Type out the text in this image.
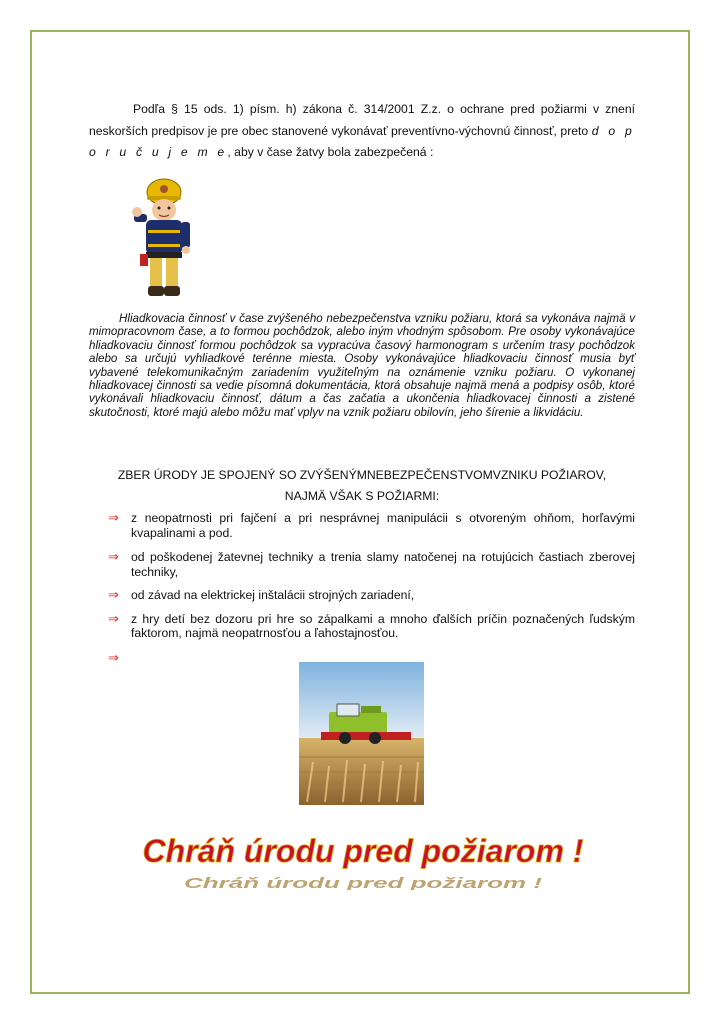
Podľa § 15 ods. 1) písm. h) zákona č. 314/2001 Z.z. o ochrane pred požiarmi v znení neskorších predpisov je pre obec stanovené vykonávať preventívno-výchovnú činnosť, preto d o p o r u č u j e m e, aby v čase žatvy bola zabezpečená :

Hliadkovacia činnosť v čase zvýšeného nebezpečenstva vzniku požiaru, ktorá sa vykonáva najmä v mimopracovnom čase, a to formou pochôdzok, alebo iným vhodným spôsobom. Pre osoby vykonávajúce hliadkovaciu činnosť formou pochôdzok sa vypracúva časový harmonogram s určením trasy pochôdzok alebo sa určujú vyhliadkové terénne miesta. Osoby vykonávajúce hliadkovaciu činnosť musia byť vybavené telekomunikačným zariadením využiteľným na oznámenie vzniku požiaru. O vykonanej hliadkovacej činnosti sa vedie písomná dokumentácia, ktorá obsahuje najmä mená a podpisy osôb, ktoré vykonávali hliadkovaciu činnosť, dátum a čas začatia a ukončenia hliadkovacej činnosti a zistené skutočnosti, ktoré majú alebo môžu mať vplyv na vznik požiaru obilovín, jeho šírenie a likvidáciu.

ZBER ÚRODY JE SPOJENÝ SO ZVÝŠENÝMNEBEZPEČENSTVOMVZNIKU POŽIAROV,

NAJMÄ VŠAK S POŽIARMI:

⇒ z neopatrnosti pri fajčení a pri nesprávnej manipulácii s otvoreným ohňom, horľavými kvapalinami a pod.
⇒ od poškodenej žatevnej techniky a trenia slamy natočenej na rotujúcich častiach zberovej techniky,
⇒ od závad na elektrickej inštalácii strojných zariadení,
⇒ z hry detí bez dozoru pri hre so zápalkami a mnoho ďalších príčin poznačených ľudským faktorom, najmä neopatrnosťou a ľahostajnosťou.
⇒
Chráň úrodu pred požiarom !
Chráň úrodu pred požiarom !
